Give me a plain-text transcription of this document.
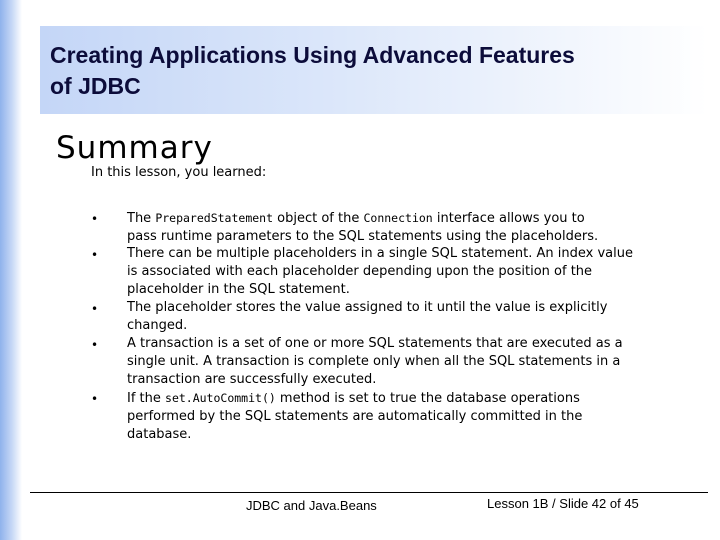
Creating Applications Using Advanced Features
of JDBC
Summary
In this lesson, you learned:
• The PreparedStatement object of the Connection interface allows you to
pass runtime parameters to the SQL statements using the placeholders.
• There can be multiple placeholders in a single SQL statement. An index value
is associated with each placeholder depending upon the position of the
placeholder in the SQL statement.
• The placeholder stores the value assigned to it until the value is explicitly
changed.
• A transaction is a set of one or more SQL statements that are executed as a
single unit. A transaction is complete only when all the SQL statements in a
transaction are successfully executed.
• If the set.AutoCommit() method is set to true the database operations
performed by the SQL statements are automatically committed in the
database.
JDBC and Java.Beans	Lesson 1B / Slide 42 of 45
